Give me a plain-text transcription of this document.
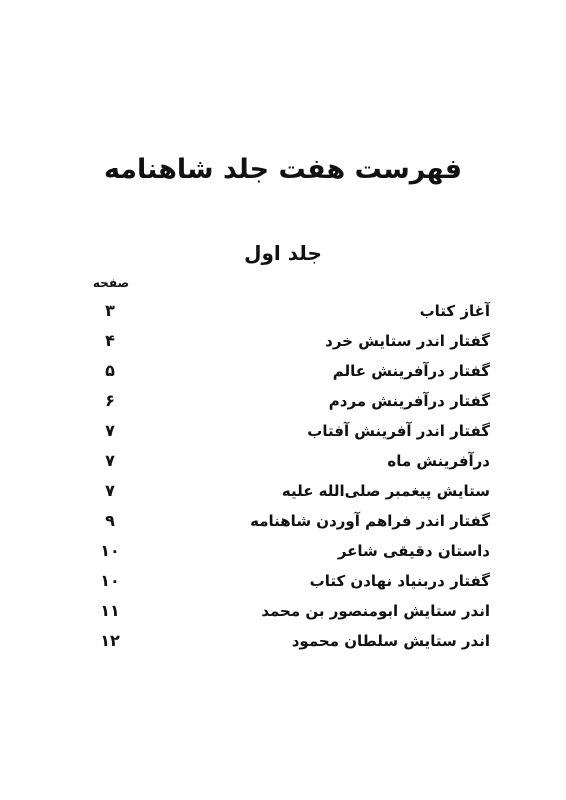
فهرست هفت جلد شاهنامه
جلد اول
صفحه
آغاز کتاب
٣
گفتار اندر ستایش خرد
۴
گفتار درآفرینش عالم
۵
گفتار درآفرینش مردم
۶
گفتار اندر آفرینش آفتاب
٧
درآفرینش ماه
٧
ستایش پیغمبر صلی‌الله علیه
٧
گفتار اندر فراهم آوردن شاهنامه
٩
داستان دقیقی شاعر
١٠
گفتار دربنیاد نهادن کتاب
١٠
اندر ستایش ابومنصور بن محمد
١١
اندر ستایش سلطان محمود
١٢
